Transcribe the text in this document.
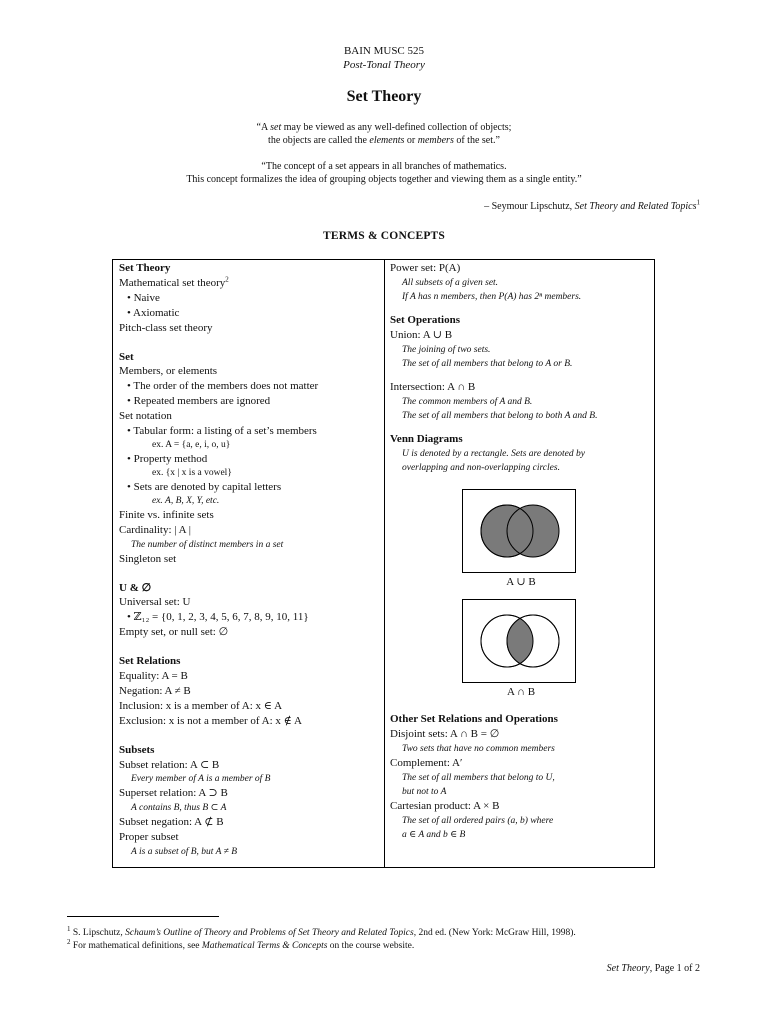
BAIN MUSC 525
Post-Tonal Theory
Set Theory
“A set may be viewed as any well-defined collection of objects;
the objects are called the elements or members of the set.”
“The concept of a set appears in all branches of mathematics.
This concept formalizes the idea of grouping objects together and viewing them as a single entity.”
– Seymour Lipschutz, Set Theory and Related Topics$^1$
TERMS & CONCEPTS
Set Theory
Mathematical set theory$^2$
• Naive
• Axiomatic
Pitch-class set theory
Set
Members, or elements
• The order of the members does not matter
• Repeated members are ignored
Set notation
• Tabular form: a listing of a set’s members
ex. A = {a, e, i, o, u}
• Property method
ex. {x | x is a vowel}
• Sets are denoted by capital letters
ex. A, B, X, Y, etc.
Finite vs. infinite sets
Cardinality: | A |
The number of distinct members in a set
Singleton set
U & ∅
Universal set: U
• ℤ₁₂ = {0, 1, 2, 3, 4, 5, 6, 7, 8, 9, 10, 11}
Empty set, or null set: ∅
Set Relations
Equality: A = B
Negation: A ≠ B
Inclusion: x is a member of A: x ∈ A
Exclusion: x is not a member of A: x ∉ A
Subsets
Subset relation: A ⊂ B
Every member of A is a member of B
Superset relation: A ⊃ B
A contains B, thus B ⊂ A
Subset negation: A ⊄ B
Proper subset
A is a subset of B, but A ≠ B
Power set: P(A)
All subsets of a given set.
If A has n members, then P(A) has 2ⁿ members.
Set Operations
Union: A ∪ B
The joining of two sets.
The set of all members that belong to A or B.
Intersection: A ∩ B
The common members of A and B.
The set of all members that belong to both A and B.
Venn Diagrams
U is denoted by a rectangle. Sets are denoted by
overlapping and non-overlapping circles.
A ∪ B
A ∩ B
Other Set Relations and Operations
Disjoint sets: A ∩ B = ∅
Two sets that have no common members
Complement: A′
The set of all members that belong to U,
but not to A
Cartesian product: A × B
The set of all ordered pairs (a, b) where
a ∈ A and b ∈ B
$^1$ S. Lipschutz, Schaum’s Outline of Theory and Problems of Set Theory and Related Topics, 2nd ed. (New York: McGraw Hill, 1998).
$^2$ For mathematical definitions, see Mathematical Terms & Concepts on the course website.
Set Theory, Page 1 of 2
